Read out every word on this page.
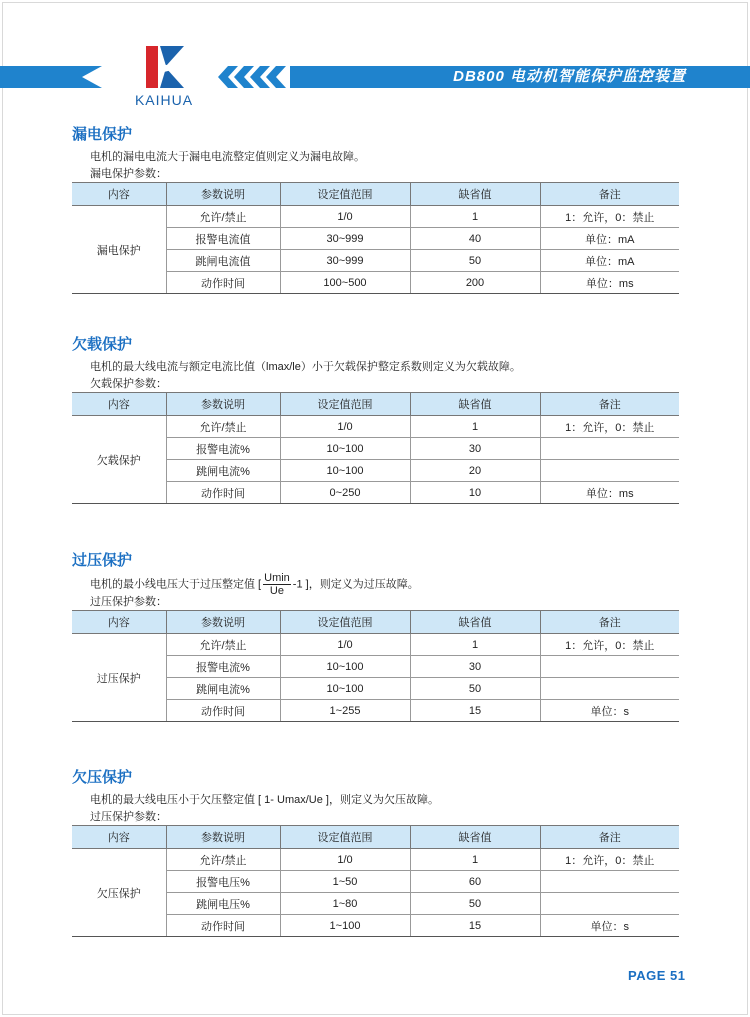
DB800 电动机智能保护监控装置
KAIHUA
漏电保护
电机的漏电电流大于漏电电流整定值则定义为漏电故障。
漏电保护参数：
内容	参数说明	设定值范围	缺省值	备注
漏电保护	允许/禁止	1/0	1	1：允许，0：禁止
	报警电流值	30~999	40	单位：mA
	跳闸电流值	30~999	50	单位：mA
	动作时间	100~500	200	单位：ms
欠载保护
电机的最大线电流与额定电流比值（lmax/le）小于欠载保护整定系数则定义为欠载故障。
欠载保护参数：
内容	参数说明	设定值范围	缺省值	备注
欠载保护	允许/禁止	1/0	1	1：允许，0：禁止
	报警电流%	10~100	30	
	跳闸电流%	10~100	20	
	动作时间	0~250	10	单位：ms
过压保护
电机的最小线电压大于过压整定值 [ $\frac{Umin}{Ue} -1$ ]，则定义为过压故障。
过压保护参数：
内容	参数说明	设定值范围	缺省值	备注
过压保护	允许/禁止	1/0	1	1：允许，0：禁止
	报警电流%	10~100	30	
	跳闸电流%	10~100	50	
	动作时间	1~255	15	单位：s
欠压保护
电机的最大线电压小于欠压整定值 [ 1- Umax/Ue ]，则定义为欠压故障。
过压保护参数：
内容	参数说明	设定值范围	缺省值	备注
欠压保护	允许/禁止	1/0	1	1：允许，0：禁止
	报警电压%	1~50	60	
	跳闸电压%	1~80	50	
	动作时间	1~100	15	单位：s
PAGE 51
